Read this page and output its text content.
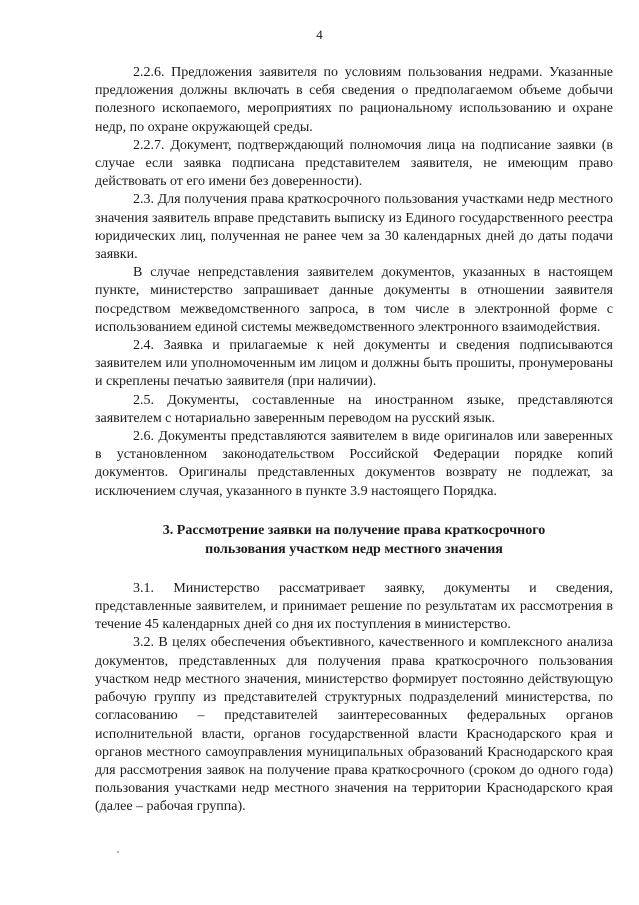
4

2.2.6. Предложения заявителя по условиям пользования недрами. Указанные предложения должны включать в себя сведения о предполагаемом объеме добычи полезного ископаемого, мероприятиях по рациональному использованию и охране недр, по охране окружающей среды.

2.2.7. Документ, подтверждающий полномочия лица на подписание заявки (в случае если заявка подписана представителем заявителя, не имеющим право действовать от его имени без доверенности).

2.3. Для получения права краткосрочного пользования участками недр местного значения заявитель вправе представить выписку из Единого государственного реестра юридических лиц, полученная не ранее чем за 30 календарных дней до даты подачи заявки.

В случае непредставления заявителем документов, указанных в настоящем пункте, министерство запрашивает данные документы в отношении заявителя посредством межведомственного запроса, в том числе в электронной форме с использованием единой системы межведомственного электронного взаимодействия.

2.4. Заявка и прилагаемые к ней документы и сведения подписываются заявителем или уполномоченным им лицом и должны быть прошиты, пронумерованы и скреплены печатью заявителя (при наличии).

2.5. Документы, составленные на иностранном языке, представляются заявителем с нотариально заверенным переводом на русский язык.

2.6. Документы представляются заявителем в виде оригиналов или заверенных в установленном законодательством Российской Федерации порядке копий документов. Оригиналы представленных документов возврату не подлежат, за исключением случая, указанного в пункте 3.9 настоящего Порядка.

3. Рассмотрение заявки на получение права краткосрочного пользования участком недр местного значения

3.1. Министерство рассматривает заявку, документы и сведения, представленные заявителем, и принимает решение по результатам их рассмотрения в течение 45 календарных дней со дня их поступления в министерство.

3.2. В целях обеспечения объективного, качественного и комплексного анализа документов, представленных для получения права краткосрочного пользования участком недр местного значения, министерство формирует постоянно действующую рабочую группу из представителей структурных подразделений министерства, по согласованию – представителей заинтересованных федеральных органов исполнительной власти, органов государственной власти Краснодарского края и органов местного самоуправления муниципальных образований Краснодарского края для рассмотрения заявок на получение права краткосрочного (сроком до одного года) пользования участками недр местного значения на территории Краснодарского края (далее – рабочая группа).
